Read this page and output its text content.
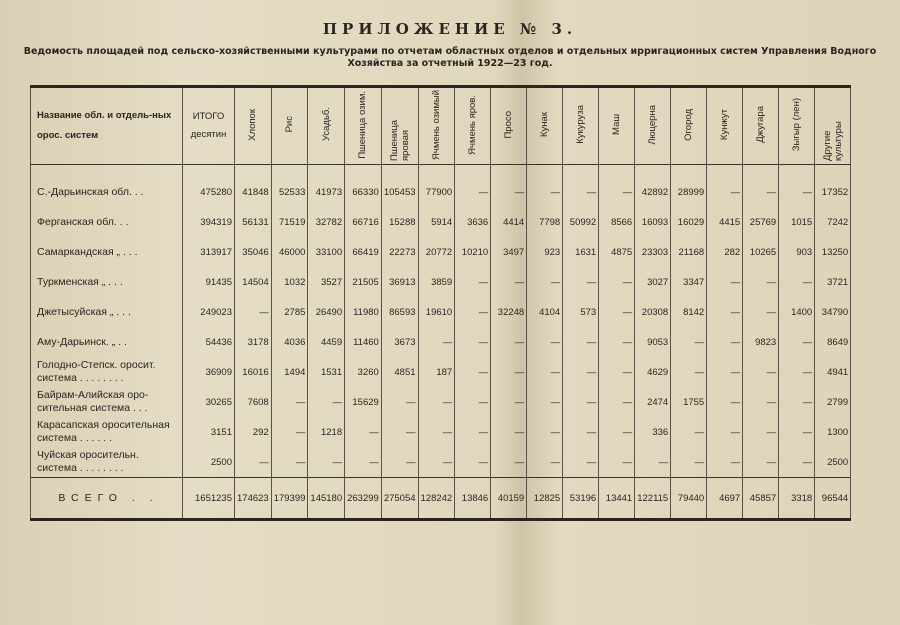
ПРИЛОЖЕНИЕ № 3.
Ведомость площадей под сельско-хозяйственными культурами по отчетам областных отделов и отдельных ирригационных систем Управления Водного Хозяйства за отчетный 1922—23 год.
Название обл. и отдель-ных орос. систем	ИТОГО десятин	Хлопок	Рис	Усадьб.	Пшеница озим.	Пшеница яровая	Ячмень озимый	Ячмень яров.	Просо	Кунак	Кукуруза	Маш	Люцерна	Огород	Кунжут	Джугара	Зыгыр (лен)	Другие культуры

С.-Дарьинская обл. . .	475280	41848	52533	41973	66330	105453	77900	—	—	—	—	—	42892	28999	—	—	—	17352
Ферганская обл. . .	394319	56131	71519	32782	66716	15288	5914	3636	4414	7798	50992	8566	16093	16029	4415	25769	1015	7242
Самаркандская „ . . .	313917	35046	46000	33100	66419	22273	20772	10210	3497	923	1631	4875	23303	21168	282	10265	903	13250
Туркменская „ . . .	91435	14504	1032	3527	21505	36913	3859	—	—	—	—	—	3027	3347	—	—	—	3721
Джетысуйская „ . . .	249023	—	2785	26490	11980	86593	19610	—	32248	4104	573	—	20308	8142	—	—	1400	34790
Аму-Дарьинск. „ . .	54436	3178	4036	4459	11460	3673	—	—	—	—	—	—	9053	—	—	9823	—	8649
Голодно-Степск. оросит. система . . . . . . . .	36909	16016	1494	1531	3260	4851	187	—	—	—	—	—	4629	—	—	—	—	4941
Байрам-Алийская оро-сительная система . . .	30265	7608	—	—	15629	—	—	—	—	—	—	—	2474	1755	—	—	—	2799
Карасапская оросительная система . . . . . .	3151	292	—	1218	—	—	—	—	—	—	—	—	336	—	—	—	—	1300
Чуйская оросительн. система . . . . . . . .	2500	—	—	—	—	—	—	—	—	—	—	—	—	—	—	—	—	2500
ВСЕГО . .	1651235	174623	179399	145180	263299	275054	128242	13846	40159	12825	53196	13441	122115	79440	4697	45857	3318	96544
